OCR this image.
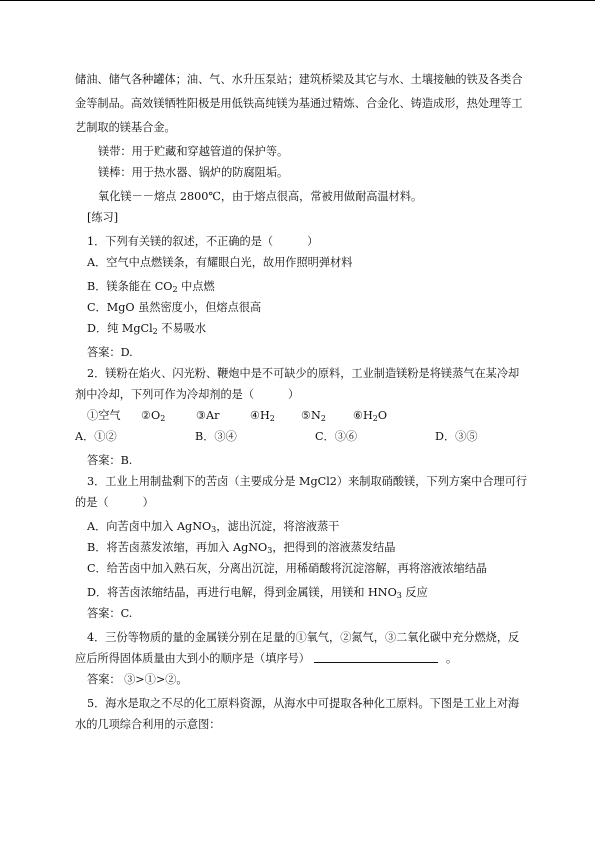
储油、储气各种罐体；油、气、水升压泵站；建筑桥梁及其它与水、土壤接触的铁及各类合
金等制品。高效镁牺牲阳极是用低铁高纯镁为基通过精炼、合金化、铸造成形，热处理等工
艺制取的镁基合金。
镁带：用于贮藏和穿越管道的保护等。
镁棒：用于热水器、锅炉的防腐阻垢。
氧化镁－－熔点 2800℃，由于熔点很高，常被用做耐高温材料。
[练习]
1．下列有关镁的叙述，不正确的是（	）
A．空气中点燃镁条，有耀眼白光，故用作照明弹材料
B．镁条能在 $CO_2$ 中点燃
C．MgO 虽然密度小，但熔点很高
D．纯 MgCl$_2$ 不易吸水
答案：D.
2．镁粉在焰火、闪光粉、鞭炮中是不可缺少的原料，工业制造镁粉是将镁蒸气在某冷却
剂中冷却，下列可作为冷却剂的是（	）
①空气 $②O_2$	③Ar	$④H_2$ $⑤N_2$ $⑥H_2O$
A．①②	B．③④	C．③⑥	D．③⑤
答案：B.
3．工业上用制盐剩下的苦卤（主要成分是 MgCl2）来制取硝酸镁，下列方案中合理可行
的是（	）
A．向苦卤中加入 AgNO$_3$，滤出沉淀，将溶液蒸干
B．将苦卤蒸发浓缩，再加入 AgNO$_3$，把得到的溶液蒸发结晶
C．给苦卤中加入熟石灰，分离出沉淀，用稀硝酸将沉淀溶解，再将溶液浓缩结晶
D．将苦卤浓缩结晶，再进行电解，得到金属镁，用镁和 $HNO_3$ 反应
答案：C.
4．三份等物质的量的金属镁分别在足量的①氧气，②氮气，③二氧化碳中充分燃烧，反
应后所得固体质量由大到小的顺序是（填序号）	。
答案： ③>①>②。
5．海水是取之不尽的化工原料资源，从海水中可提取各种化工原料。下图是工业上对海
水的几项综合利用的示意图：
